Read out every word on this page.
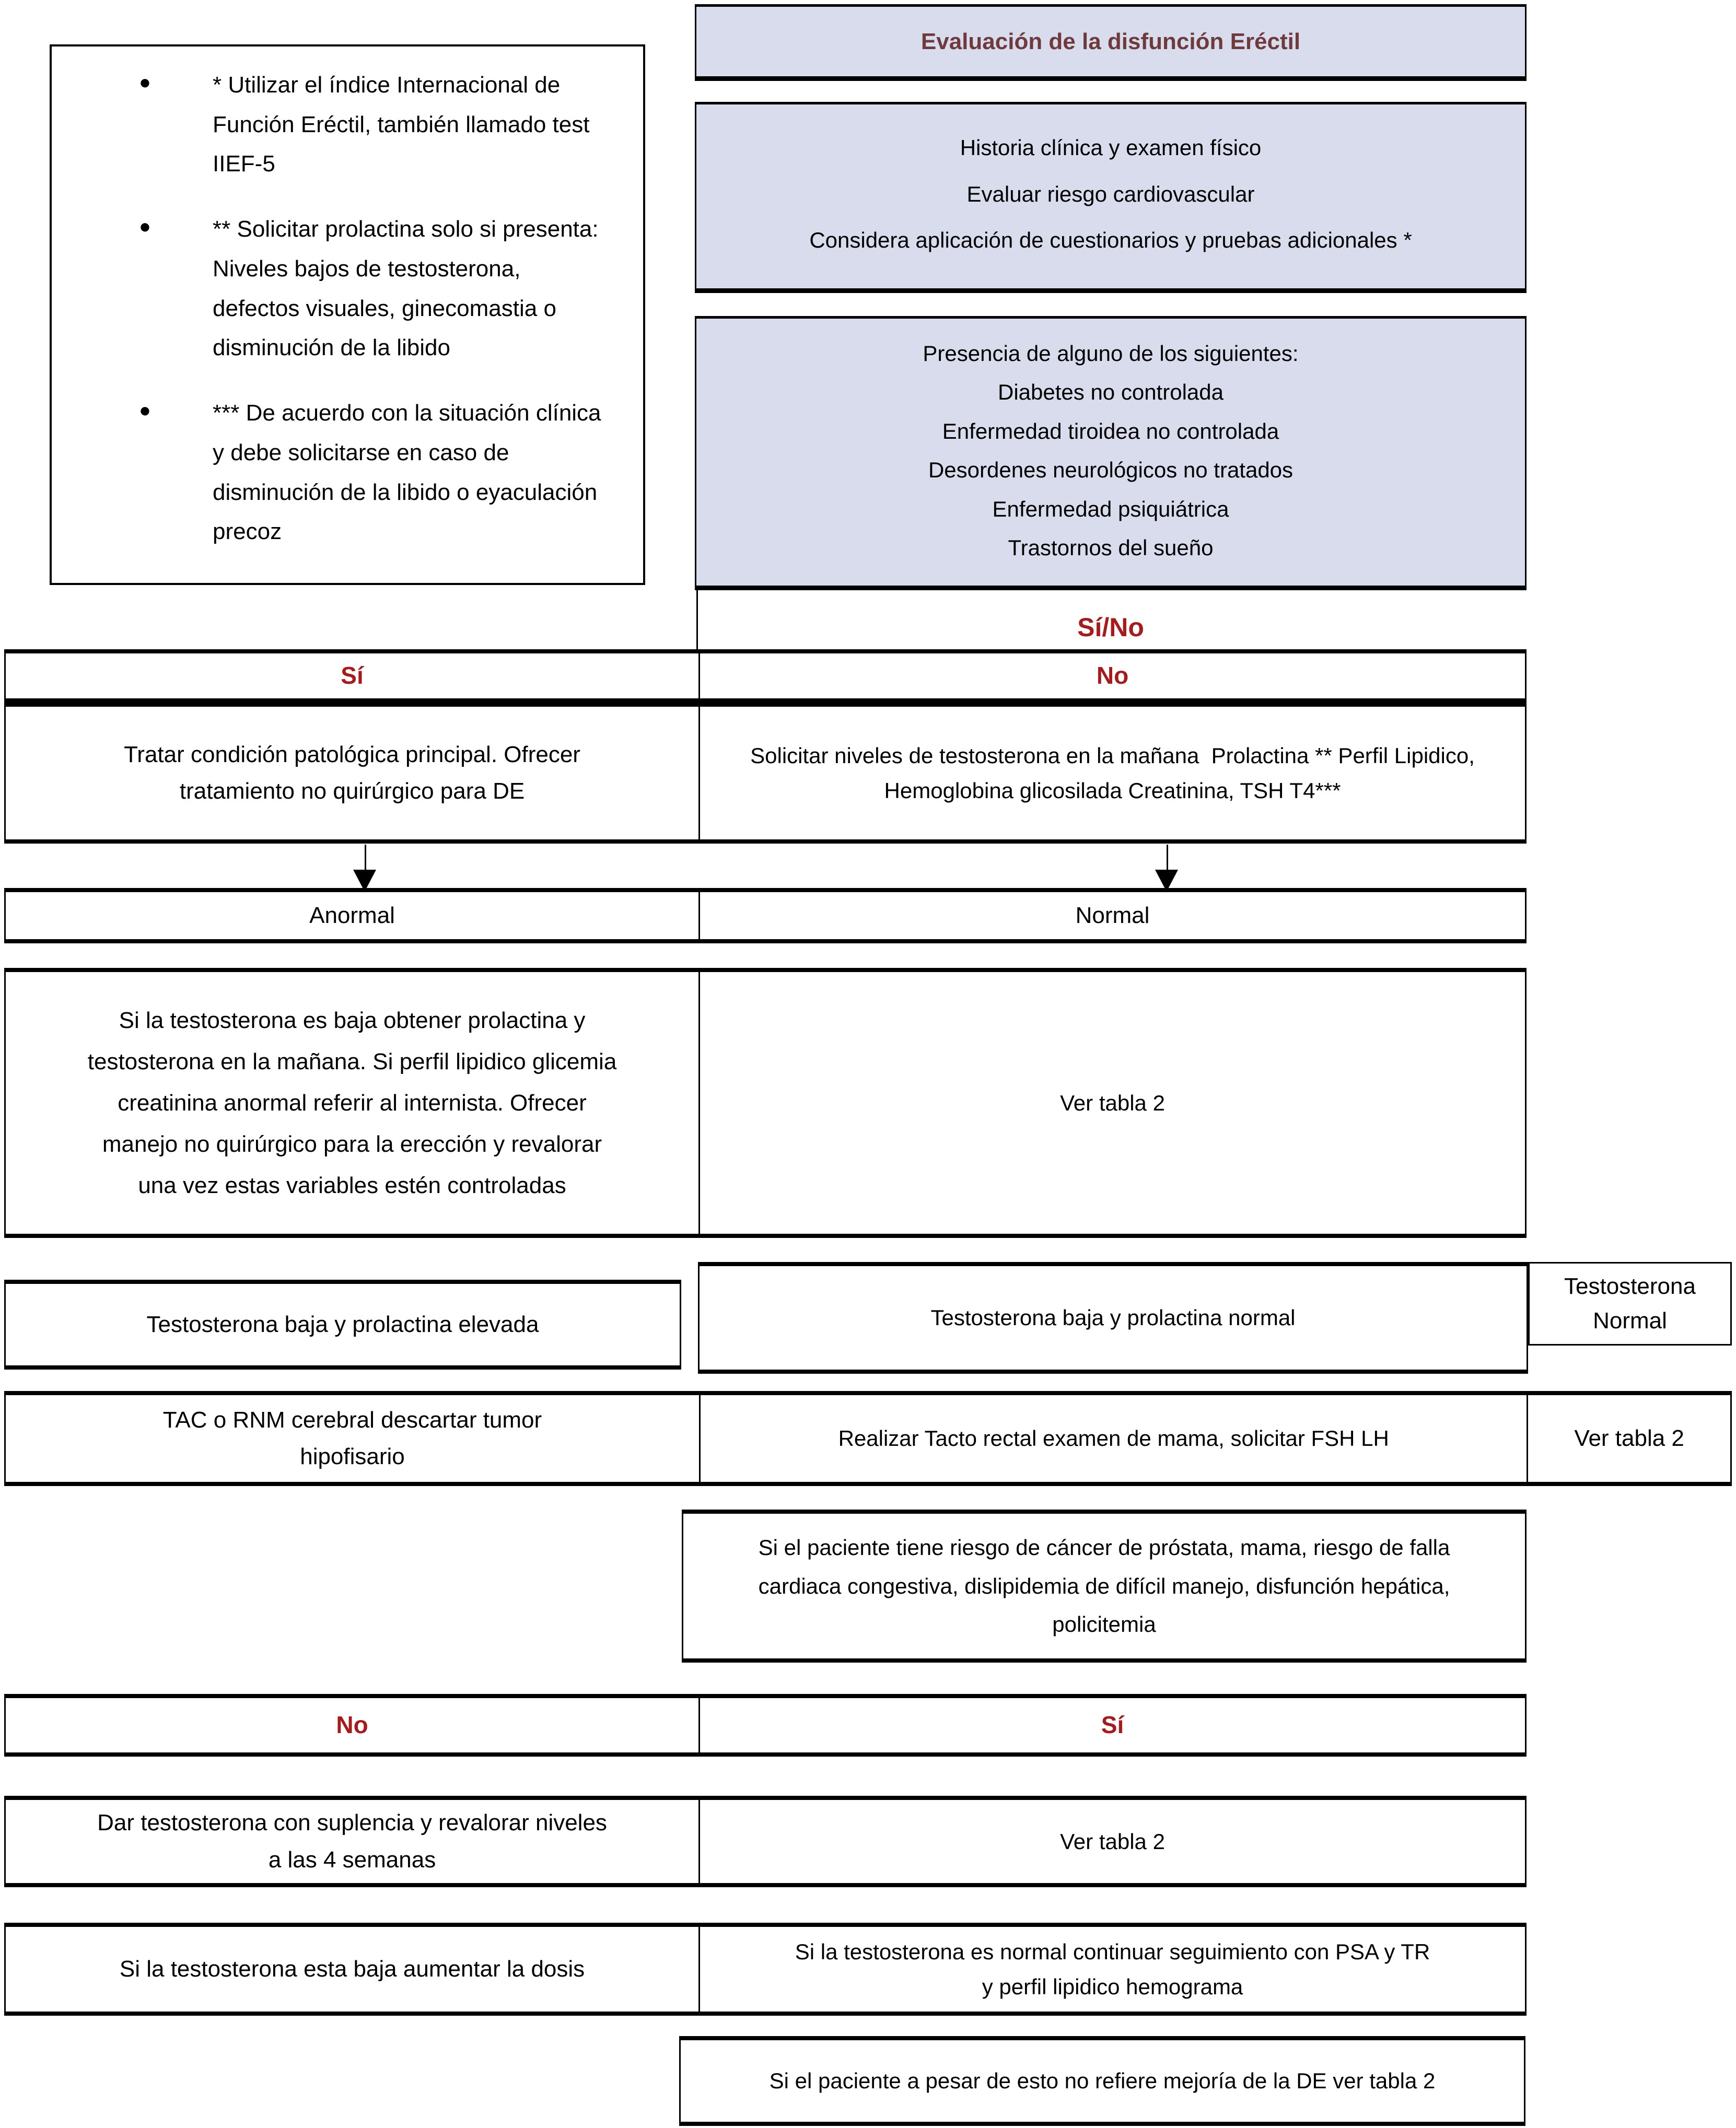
●	* Utilizar el índice Internacional de Función Eréctil, también llamado test IIEF-5
●	** Solicitar prolactina solo si presenta: Niveles bajos de testosterona, defectos visuales, ginecomastia o disminución de la libido
●	*** De acuerdo con la situación clínica y debe solicitarse en caso de disminución de la libido o eyaculación precoz
Evaluación de la disfunción Eréctil
Historia clínica y examen físico
Evaluar riesgo cardiovascular
Considera aplicación de cuestionarios y pruebas adicionales *
Presencia de alguno de los siguientes:
Diabetes no controlada
Enfermedad tiroidea no controlada
Desordenes neurológicos no tratados
Enfermedad psiquiátrica
Trastornos del sueño
Sí/No
Sí	No
Tratar condición patológica principal. Ofrecer tratamiento no quirúrgico para DE
Solicitar niveles de testosterona en la mañana  Prolactina ** Perfil Lipidico, Hemoglobina glicosilada Creatinina, TSH T4***
Anormal	Normal
Si la testosterona es baja obtener prolactina y testosterona en la mañana. Si perfil lipidico glicemia creatinina anormal referir al internista. Ofrecer manejo no quirúrgico para la erección y revalorar una vez estas variables estén controladas
Ver tabla 2
Testosterona baja y prolactina elevada	Testosterona baja y prolactina normal
Testosterona Normal
TAC o RNM cerebral descartar tumor hipofisario
Realizar Tacto rectal examen de mama, solicitar FSH LH	Ver tabla 2
Si el paciente tiene riesgo de cáncer de próstata, mama, riesgo de falla cardiaca congestiva, dislipidemia de difícil manejo, disfunción hepática, policitemia
No	Sí
Dar testosterona con suplencia y revalorar niveles a las 4 semanas
Ver tabla 2
Si la testosterona esta baja aumentar la dosis
Si la testosterona es normal continuar seguimiento con PSA y TR y perfil lipidico hemograma
Si el paciente a pesar de esto no refiere mejoría de la DE ver tabla 2
